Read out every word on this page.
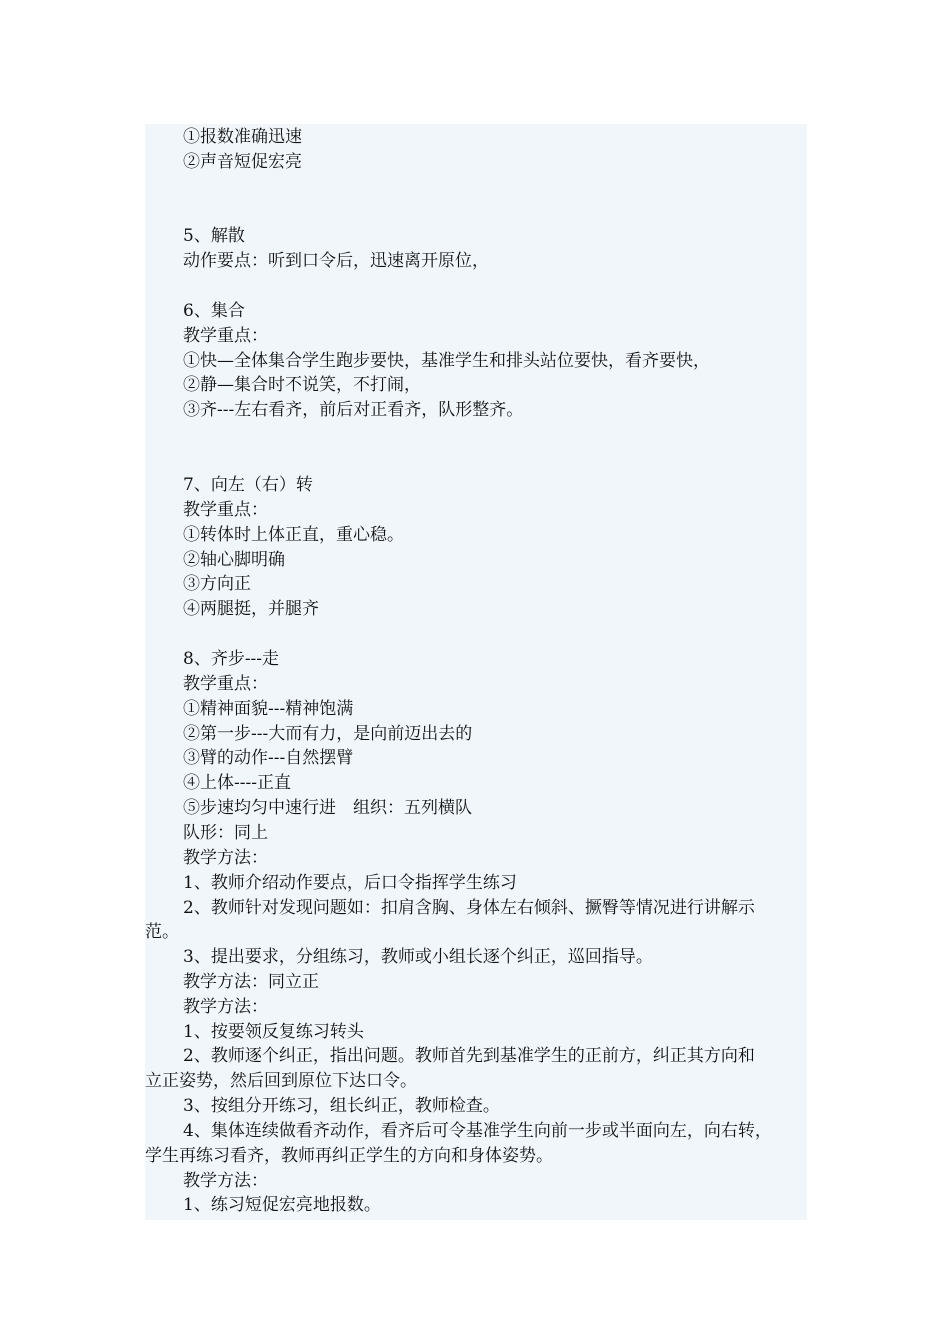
①报数准确迅速
②声音短促宏亮
5、解散
动作要点：听到口令后，迅速离开原位，
6、集合
教学重点：
①快—全体集合学生跑步要快，基准学生和排头站位要快，看齐要快，
②静—集合时不说笑，不打闹，
③齐---左右看齐，前后对正看齐，队形整齐。
7、向左（右）转
教学重点：
①转体时上体正直，重心稳。
②轴心脚明确
③方向正
④两腿挺，并腿齐
8、齐步---走
教学重点：
①精神面貌---精神饱满
②第一步---大而有力，是向前迈出去的
③臂的动作---自然摆臂
④上体----正直
⑤步速均匀中速行进　组织：五列横队
队形：同上
教学方法：
1、教师介绍动作要点，后口令指挥学生练习
2、教师针对发现问题如：扣肩含胸、身体左右倾斜、撅臀等情况进行讲解示
范。
3、提出要求，分组练习，教师或小组长逐个纠正，巡回指导。
教学方法：同立正
教学方法：
1、按要领反复练习转头
2、教师逐个纠正，指出问题。教师首先到基准学生的正前方，纠正其方向和
立正姿势，然后回到原位下达口令。
3、按组分开练习，组长纠正，教师检查。
4、集体连续做看齐动作，看齐后可令基准学生向前一步或半面向左，向右转，
学生再练习看齐，教师再纠正学生的方向和身体姿势。
教学方法：
1、练习短促宏亮地报数。
